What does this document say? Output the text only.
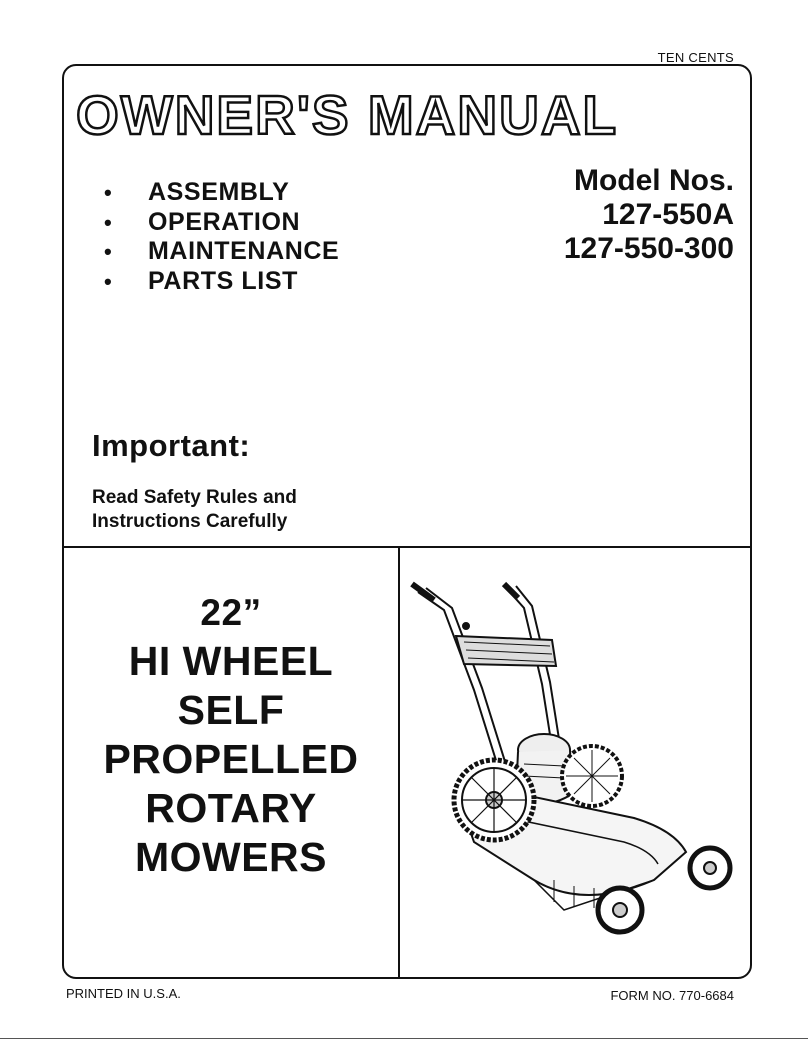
TEN CENTS
OWNER'S MANUAL
•	ASSEMBLY
•	OPERATION
•	MAINTENANCE
•	PARTS LIST
Model Nos.
127-550A
127-550-300
Important:
Read Safety Rules and
Instructions Carefully
22”
HI WHEEL
SELF
PROPELLED
ROTARY
MOWERS
PRINTED IN U.S.A.	FORM NO. 770-6684
